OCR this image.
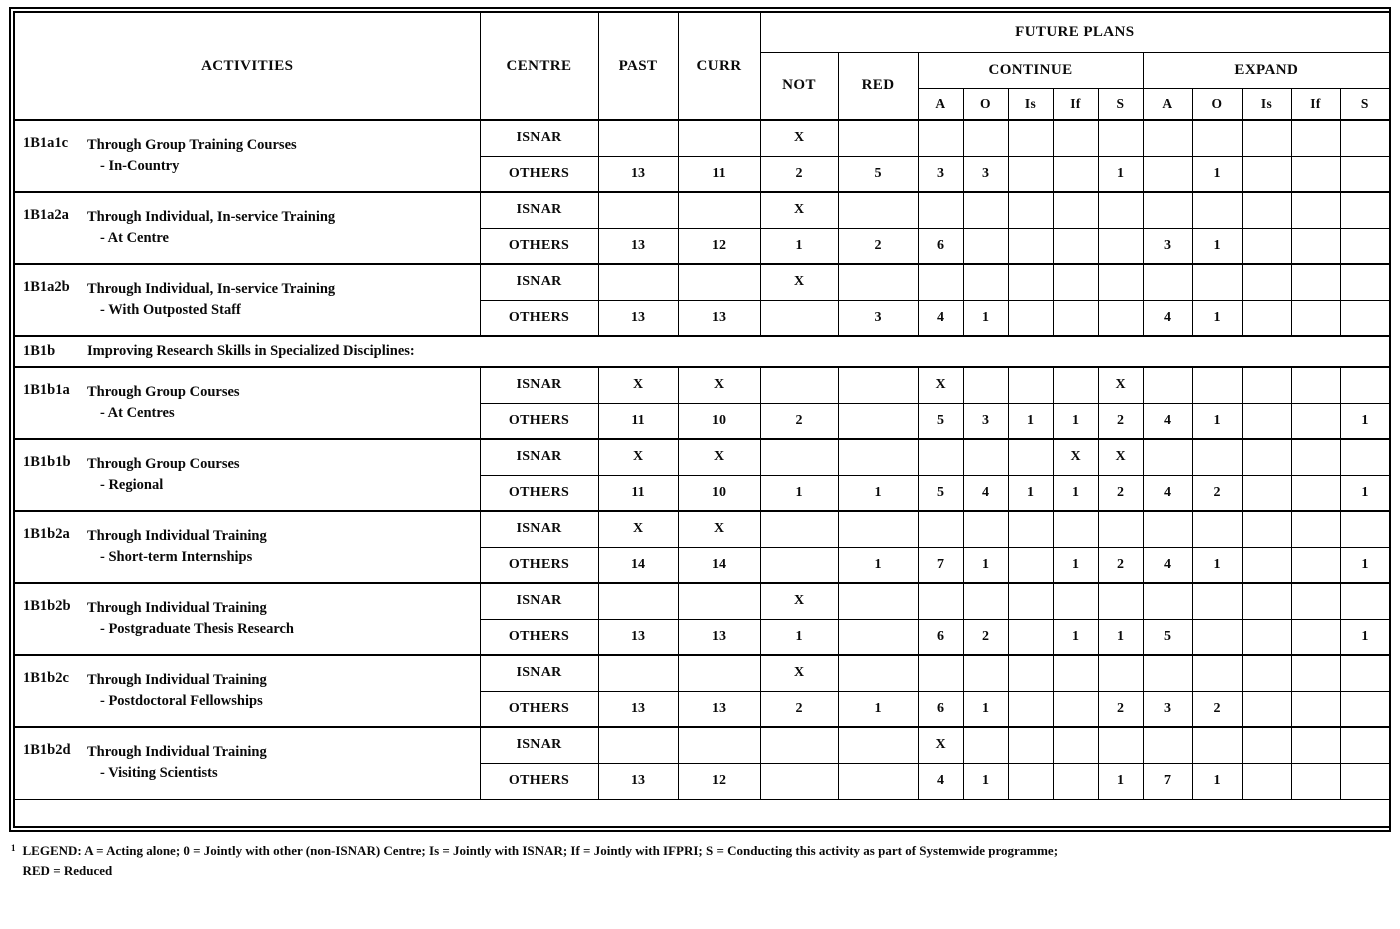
ACTIVITIES	CENTRE	PAST	CURR	FUTURE PLANS											
				NOT	RED	CONTINUE					EXPAND				
						A	O	Is	If	S	A	O	Is	If	S

1B1a1c Through Group Training Courses
- In-Country	ISNAR			X											
	OTHERS	13	11	2	5	3	3			1		1			

1B1a2a Through Individual, In-service Training
- At Centre	ISNAR			X											
	OTHERS	13	12	1	2	6					3	1			

1B1a2b Through Individual, In-service Training
- With Outposted Staff	ISNAR			X											
	OTHERS	13	13		3	4	1				4	1			

1B1b Improving Research Skills in Specialized Disciplines:															

1B1b1a Through Group Courses
- At Centres	ISNAR	X	X			X				X					
	OTHERS	11	10	2		5	3	1	1	2	4	1			1

1B1b1b Through Group Courses
- Regional	ISNAR	X	X						X	X					
	OTHERS	11	10	1	1	5	4	1	1	2	4	2			1

1B1b2a Through Individual Training
- Short-term Internships	ISNAR	X	X												
	OTHERS	14	14		1	7	1		1	2	4	1			1

1B1b2b Through Individual Training
- Postgraduate Thesis Research	ISNAR			X											
	OTHERS	13	13	1		6	2		1	1	5				1

1B1b2c Through Individual Training
- Postdoctoral Fellowships	ISNAR			X											
	OTHERS	13	13	2	1	6	1			2	3	2			

1B1b2d Through Individual Training
- Visiting Scientists	ISNAR					X									
	OTHERS	13	12			4	1			1	7	1			

1 LEGEND: A = Acting alone; 0 = Jointly with other (non-ISNAR) Centre; Is = Jointly with ISNAR; If = Jointly with IFPRI; S = Conducting this activity as part of Systemwide programme;
RED = Reduced
